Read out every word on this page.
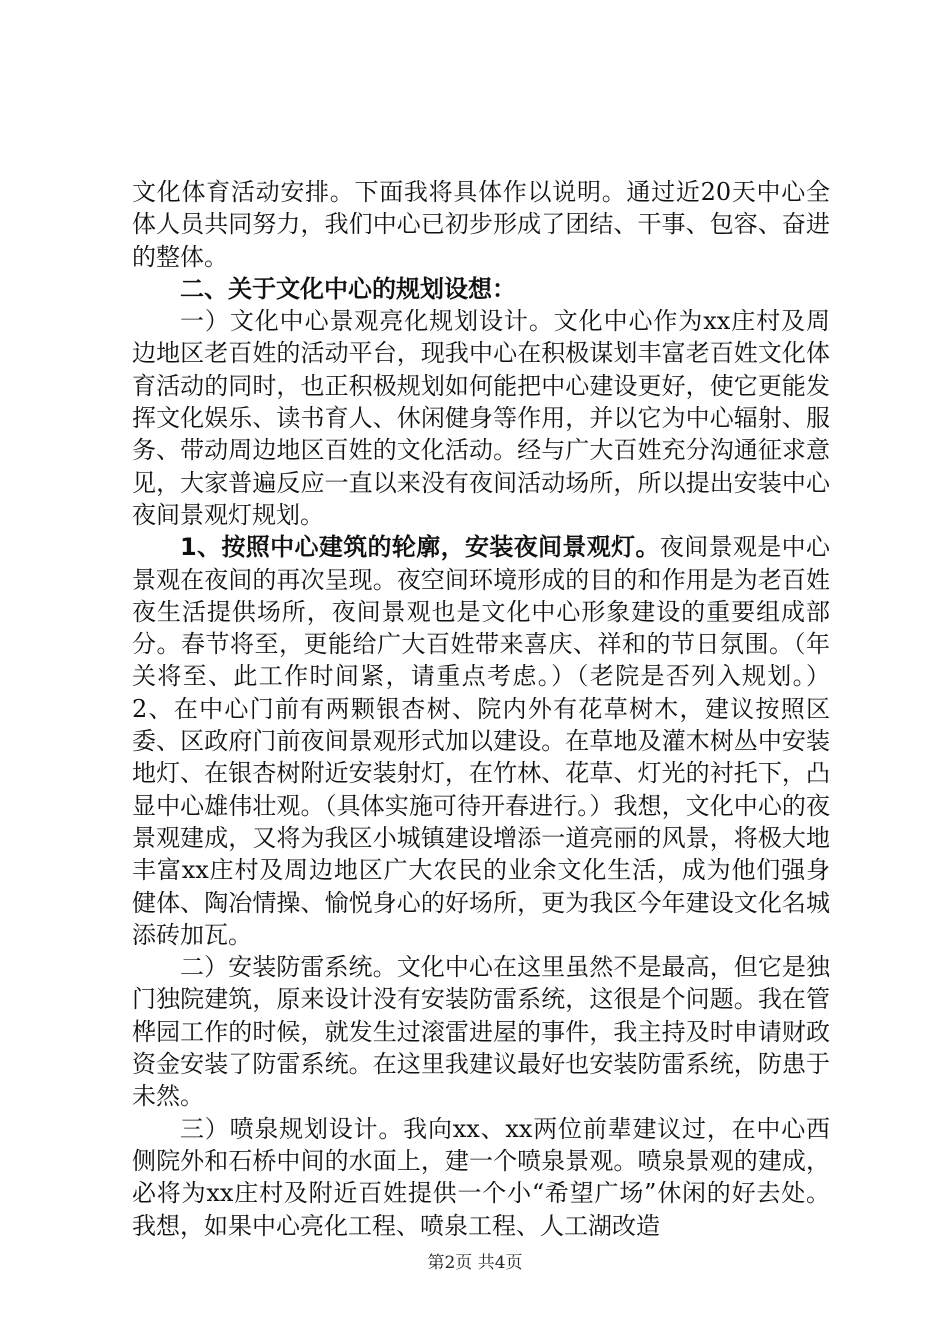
文化体育活动安排。下面我将具体作以说明。通过近20天中心全体人员共同努力，我们中心已初步形成了团结、干事、包容、奋进的整体。

二、关于文化中心的规划设想：

一）文化中心景观亮化规划设计。文化中心作为xx庄村及周边地区老百姓的活动平台，现我中心在积极谋划丰富老百姓文化体育活动的同时，也正积极规划如何能把中心建设更好，使它更能发挥文化娱乐、读书育人、休闲健身等作用，并以它为中心辐射、服务、带动周边地区百姓的文化活动。经与广大百姓充分沟通征求意见，大家普遍反应一直以来没有夜间活动场所，所以提出安装中心夜间景观灯规划。

1、按照中心建筑的轮廓，安装夜间景观灯。夜间景观是中心景观在夜间的再次呈现。夜空间环境形成的目的和作用是为老百姓夜生活提供场所，夜间景观也是文化中心形象建设的重要组成部分。春节将至，更能给广大百姓带来喜庆、祥和的节日氛围。（年关将至、此工作时间紧，请重点考虑。）（老院是否列入规划。）2、在中心门前有两颗银杏树、院内外有花草树木，建议按照区委、区政府门前夜间景观形式加以建设。在草地及灌木树丛中安装地灯、在银杏树附近安装射灯，在竹林、花草、灯光的衬托下，凸显中心雄伟壮观。（具体实施可待开春进行。）我想，文化中心的夜景观建成，又将为我区小城镇建设增添一道亮丽的风景，将极大地丰富xx庄村及周边地区广大农民的业余文化生活，成为他们强身健体、陶冶情操、愉悦身心的好场所，更为我区今年建设文化名城添砖加瓦。

二）安装防雷系统。文化中心在这里虽然不是最高，但它是独门独院建筑，原来设计没有安装防雷系统，这很是个问题。我在管桦园工作的时候，就发生过滚雷进屋的事件，我主持及时申请财政资金安装了防雷系统。在这里我建议最好也安装防雷系统，防患于未然。

三）喷泉规划设计。我向xx、xx两位前辈建议过，在中心西侧院外和石桥中间的水面上，建一个喷泉景观。喷泉景观的建成，必将为xx庄村及附近百姓提供一个小“希望广场”休闲的好去处。我想，如果中心亮化工程、喷泉工程、人工湖改造

第2页 共4页
